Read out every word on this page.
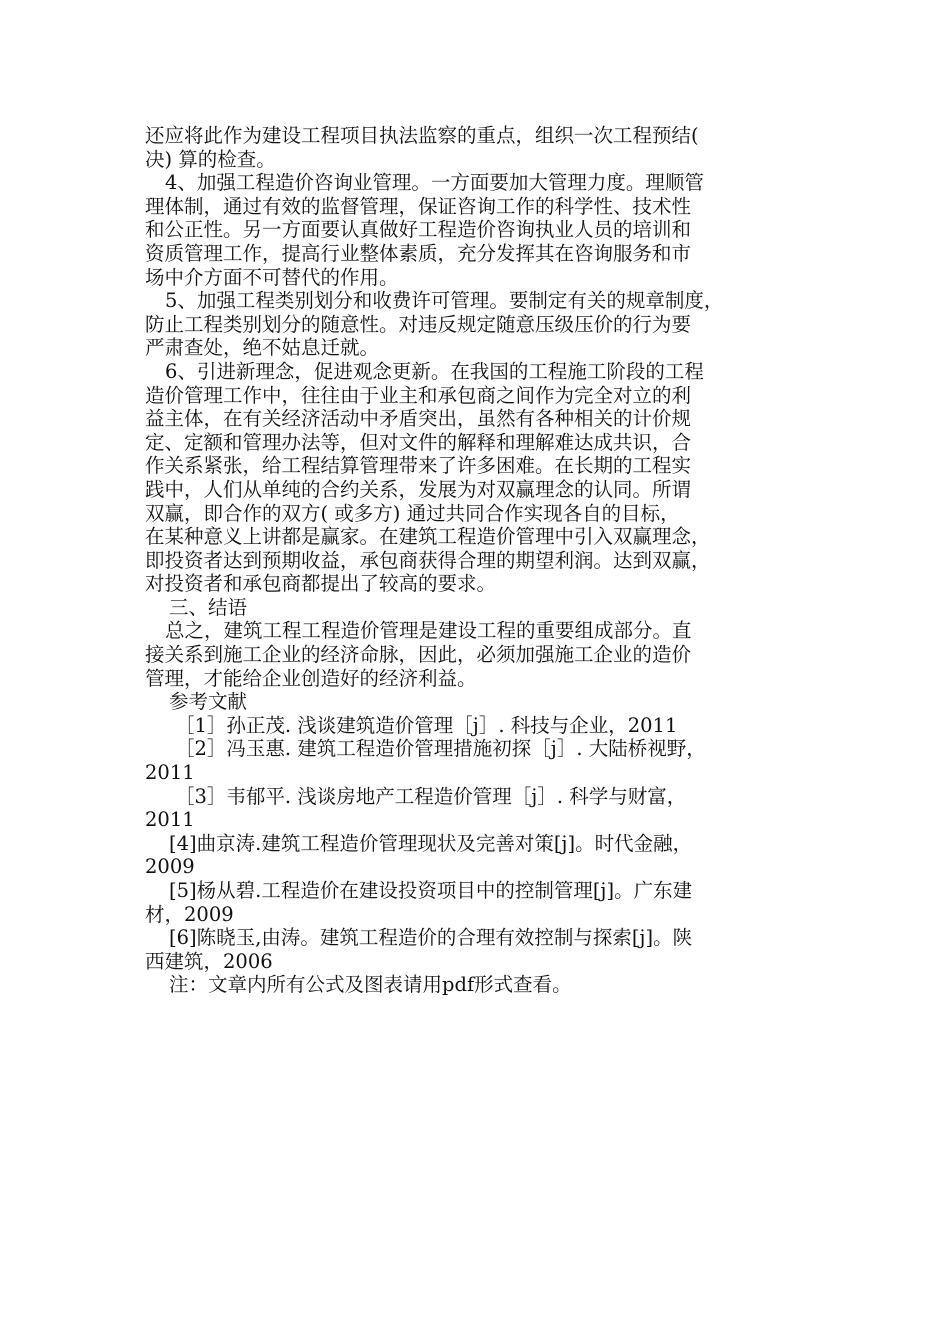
还应将此作为建设工程项目执法监察的重点，组织一次工程预结(
决) 算的检查。
4、加强工程造价咨询业管理。一方面要加大管理力度。理顺管
理体制，通过有效的监督管理，保证咨询工作的科学性、技术性
和公正性。另一方面要认真做好工程造价咨询执业人员的培训和
资质管理工作，提高行业整体素质，充分发挥其在咨询服务和市
场中介方面不可替代的作用。
5、加强工程类别划分和收费许可管理。要制定有关的规章制度，
防止工程类别划分的随意性。对违反规定随意压级压价的行为要
严肃查处，绝不姑息迁就。
6、引进新理念，促进观念更新。在我国的工程施工阶段的工程
造价管理工作中，往往由于业主和承包商之间作为完全对立的利
益主体，在有关经济活动中矛盾突出，虽然有各种相关的计价规
定、定额和管理办法等，但对文件的解释和理解难达成共识，合
作关系紧张，给工程结算管理带来了许多困难。在长期的工程实
践中，人们从单纯的合约关系，发展为对双赢理念的认同。所谓
双赢，即合作的双方( 或多方) 通过共同合作实现各自的目标，
在某种意义上讲都是赢家。在建筑工程造价管理中引入双赢理念，
即投资者达到预期收益，承包商获得合理的期望利润。达到双赢，
对投资者和承包商都提出了较高的要求。
三、结语
总之，建筑工程工程造价管理是建设工程的重要组成部分。直
接关系到施工企业的经济命脉，因此，必须加强施工企业的造价
管理，才能给企业创造好的经济利益。
参考文献
［1］孙正茂. 浅谈建筑造价管理［j］. 科技与企业，2011
［2］冯玉惠. 建筑工程造价管理措施初探［j］. 大陆桥视野，
2011
［3］韦郁平. 浅谈房地产工程造价管理［j］. 科学与财富，
2011
[4]曲京涛.建筑工程造价管理现状及完善对策[j]。时代金融，
2009
[5]杨从碧.工程造价在建设投资项目中的控制管理[j]。广东建
材，2009
[6]陈晓玉,由涛。建筑工程造价的合理有效控制与探索[j]。陕
西建筑，2006
注：文章内所有公式及图表请用pdf形式查看。
